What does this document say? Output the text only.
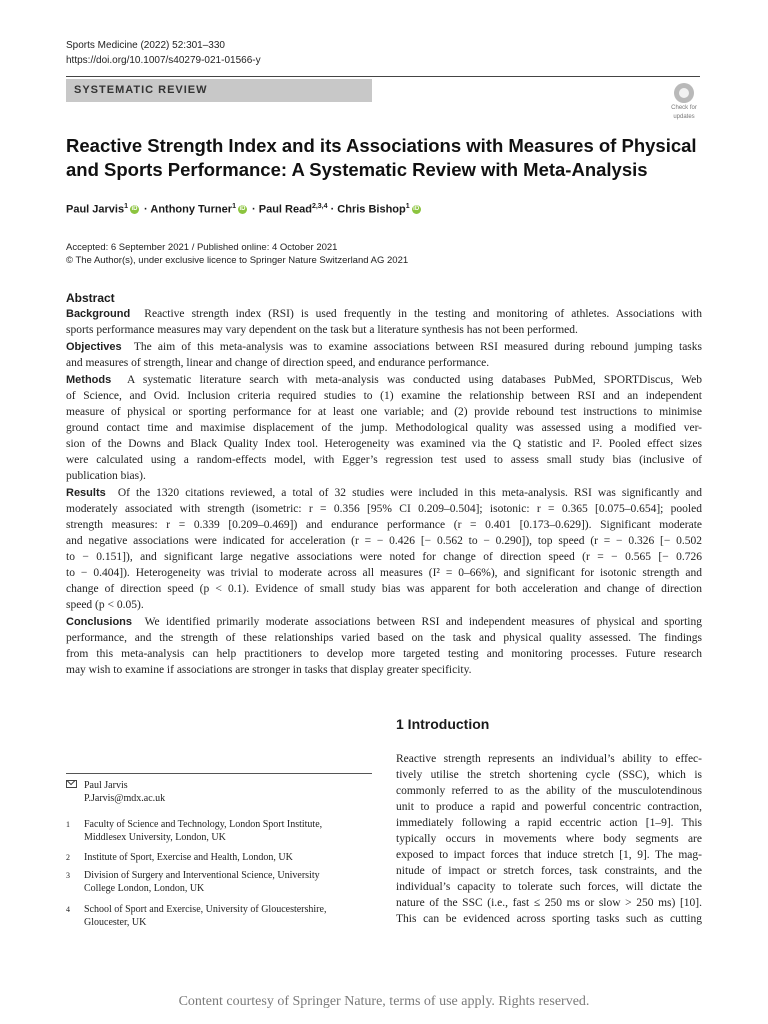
Sports Medicine (2022) 52:301–330
https://doi.org/10.1007/s40279-021-01566-y
SYSTEMATIC REVIEW
Check for
updates
Reactive Strength Index and its Associations with Measures of Physical
and Sports Performance: A Systematic Review with Meta-Analysis
Paul Jarvis$^1$ iD · Anthony Turner$^1$ iD · Paul Read$^{2,3,4}$ · Chris Bishop$^1$ iD
Accepted: 6 September 2021 / Published online: 4 October 2021
© The Author(s), under exclusive licence to Springer Nature Switzerland AG 2021
Abstract
Background Reactive strength index (RSI) is used frequently in the testing and monitoring of athletes. Associations with
sports performance measures may vary dependent on the task but a literature synthesis has not been performed.
Objectives The aim of this meta-analysis was to examine associations between RSI measured during rebound jumping tasks
and measures of strength, linear and change of direction speed, and endurance performance.
Methods A systematic literature search with meta-analysis was conducted using databases PubMed, SPORTDiscus, Web
of Science, and Ovid. Inclusion criteria required studies to (1) examine the relationship between RSI and an independent
measure of physical or sporting performance for at least one variable; and (2) provide rebound test instructions to minimise
ground contact time and maximise displacement of the jump. Methodological quality was assessed using a modified ver-
sion of the Downs and Black Quality Index tool. Heterogeneity was examined via the Q statistic and I². Pooled effect sizes
were calculated using a random-effects model, with Egger’s regression test used to assess small study bias (inclusive of
publication bias).
Results Of the 1320 citations reviewed, a total of 32 studies were included in this meta-analysis. RSI was significantly and
moderately associated with strength (isometric: r = 0.356 [95% CI 0.209–0.504]; isotonic: r = 0.365 [0.075–0.654]; pooled
strength measures: r = 0.339 [0.209–0.469]) and endurance performance (r = 0.401 [0.173–0.629]). Significant moderate
and negative associations were indicated for acceleration (r = − 0.426 [− 0.562 to − 0.290]), top speed (r = − 0.326 [− 0.502
to − 0.151]), and significant large negative associations were noted for change of direction speed (r = − 0.565 [− 0.726
to − 0.404]). Heterogeneity was trivial to moderate across all measures (I² = 0–66%), and significant for isotonic strength and
change of direction speed (p < 0.1). Evidence of small study bias was apparent for both acceleration and change of direction
speed (p < 0.05).
Conclusions We identified primarily moderate associations between RSI and independent measures of physical and sporting
performance, and the strength of these relationships varied based on the task and physical quality assessed. The findings
from this meta-analysis can help practitioners to develop more targeted testing and monitoring processes. Future research
may wish to examine if associations are stronger in tasks that display greater specificity.
1 Introduction
Reactive strength represents an individual’s ability to effec-
tively utilise the stretch shortening cycle (SSC), which is
commonly referred to as the ability of the musculotendinous
unit to produce a rapid and powerful concentric contraction,
immediately following a rapid eccentric action [1–9]. This
typically occurs in movements where body segments are
exposed to impact forces that induce stretch [1, 9]. The mag-
nitude of impact or stretch forces, task constraints, and the
individual’s capacity to tolerate such forces, will dictate the
nature of the SSC (i.e., fast ≤ 250 ms or slow > 250 ms) [10].
This can be evidenced across sporting tasks such as cutting
Paul Jarvis
P.Jarvis@mdx.ac.uk
1 Faculty of Science and Technology, London Sport Institute,
Middlesex University, London, UK
2 Institute of Sport, Exercise and Health, London, UK
3 Division of Surgery and Interventional Science, University
College London, London, UK
4 School of Sport and Exercise, University of Gloucestershire,
Gloucester, UK
Content courtesy of Springer Nature, terms of use apply. Rights reserved.
